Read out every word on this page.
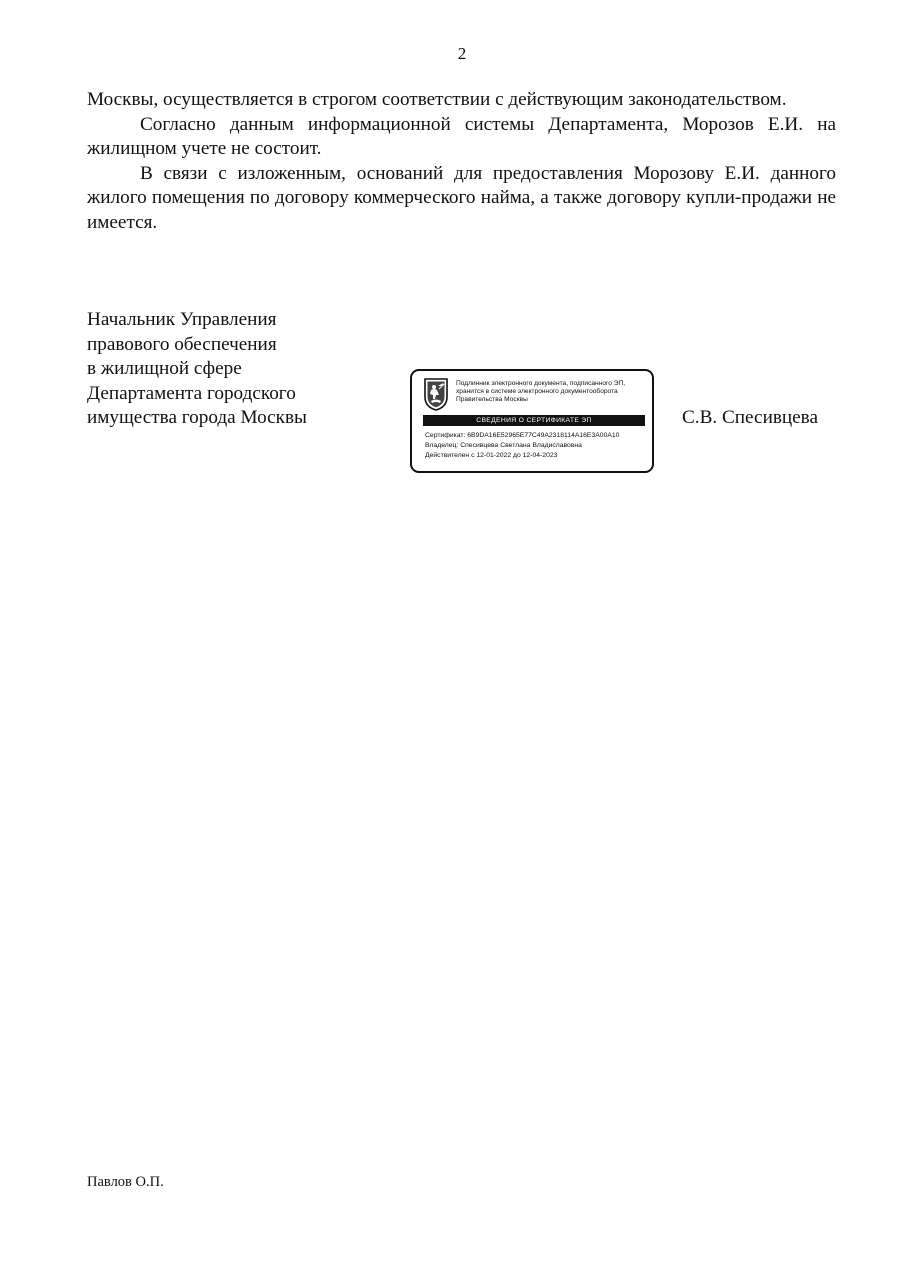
2

Москвы, осуществляется в строгом соответствии с действующим законодательством.

Согласно данным информационной системы Департамента, Морозов Е.И. на жилищном учете не состоит.

В связи с изложенным, оснований для предоставления Морозову Е.И. данного жилого помещения по договору коммерческого найма, а также договору купли-продажи не имеется.

Начальник Управления
правового обеспечения
в жилищной сфере
Департамента городского
имущества города Москвы
Подлинник электронного документа, подписанного ЭП,
хранится в системе электронного документооборота
Правительства Москвы
СВЕДЕНИЯ О СЕРТИФИКАТЕ ЭП
Сертификат: 6B9DA16E52965E77C49A2318114A16E3A00A10
Владелец: Спесивцева Светлана Владиславовна
Действителен с 12-01-2022 до 12-04-2023
С.В. Спесивцева
Павлов О.П.
